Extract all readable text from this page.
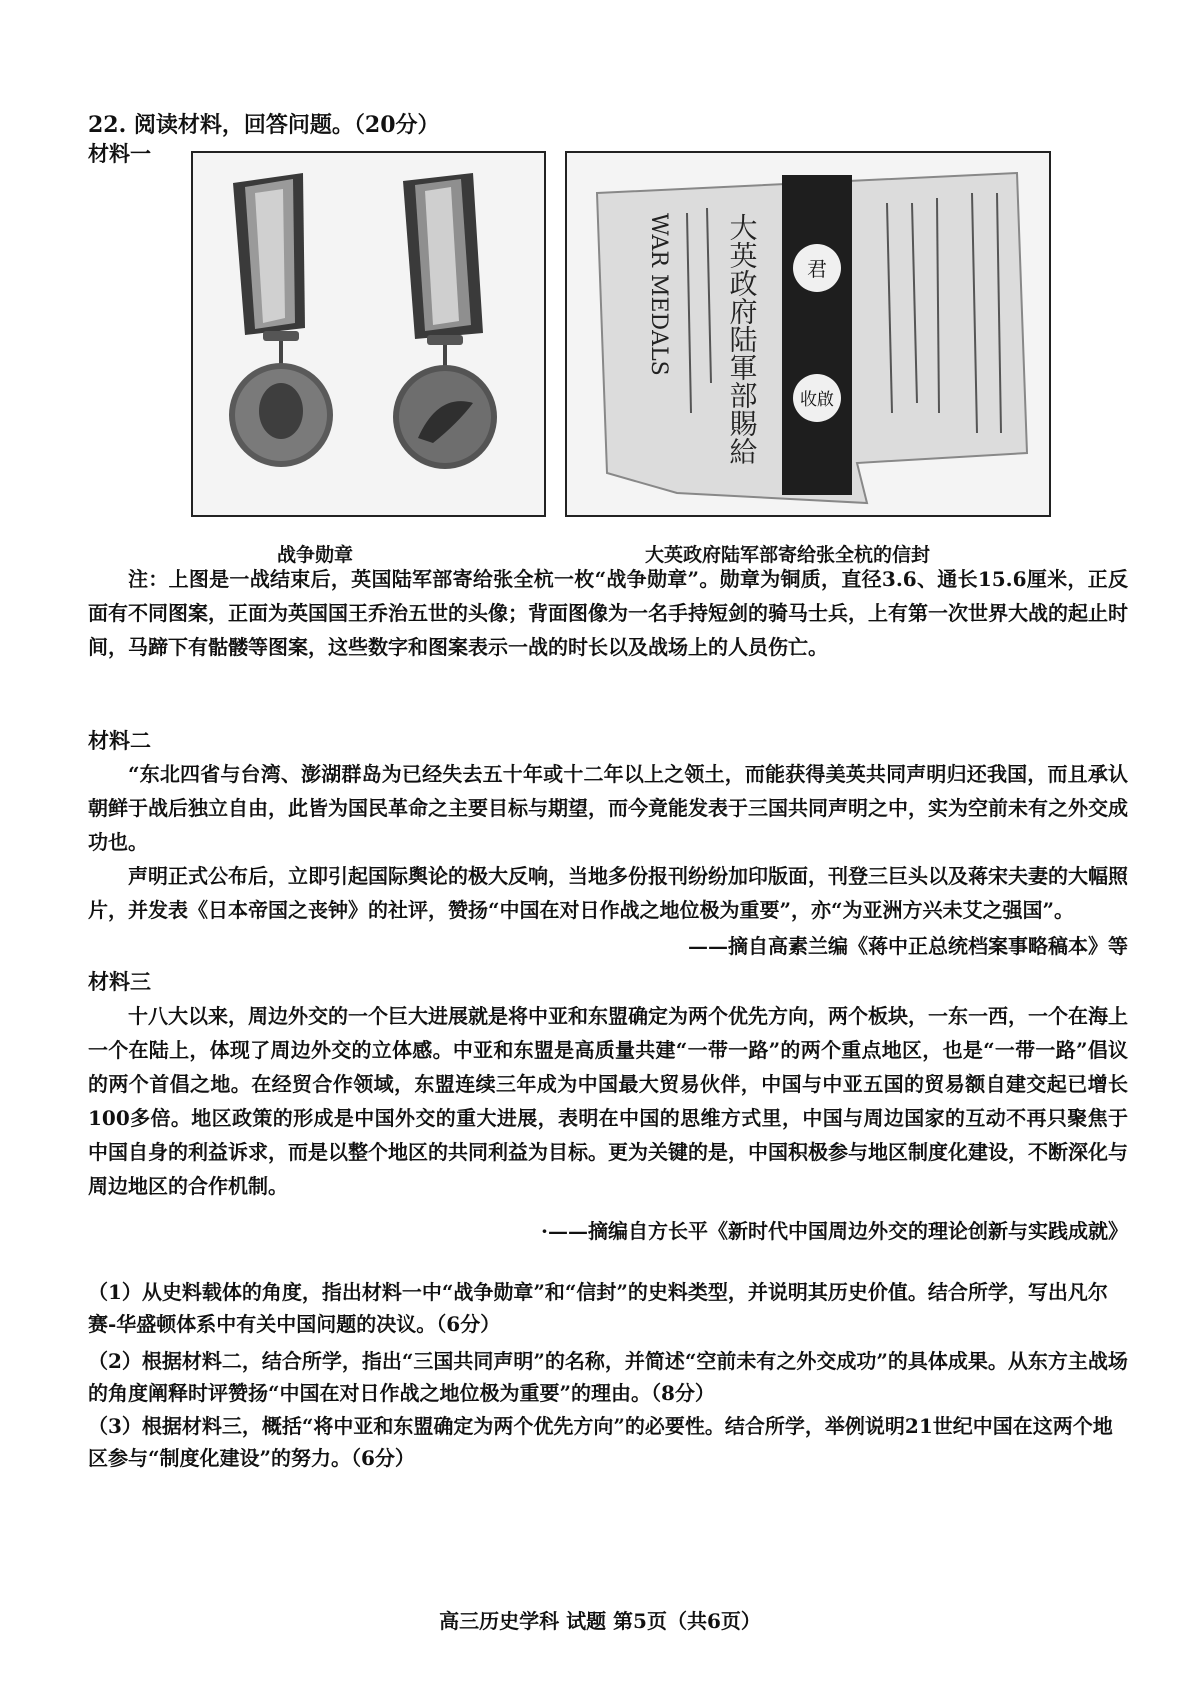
22. 阅读材料，回答问题。（20分）

材料一

君
收啟
WAR MEDALS 大英政府陆軍部賜給

战争勋章	大英政府陆军部寄给张全杭的信封

注：上图是一战结束后，英国陆军部寄给张全杭一枚“战争勋章”。勋章为铜质，直径3.6、通长15.6厘米，正反面有不同图案，正面为英国国王乔治五世的头像；背面图像为一名手持短剑的骑马士兵，上有第一次世界大战的起止时间，马蹄下有骷髅等图案，这些数字和图案表示一战的时长以及战场上的人员伤亡。

材料二

“东北四省与台湾、澎湖群岛为已经失去五十年或十二年以上之领土，而能获得美英共同声明归还我国，而且承认朝鲜于战后独立自由，此皆为国民革命之主要目标与期望，而今竟能发表于三国共同声明之中，实为空前未有之外交成功也。

声明正式公布后，立即引起国际舆论的极大反响，当地多份报刊纷纷加印版面，刊登三巨头以及蒋宋夫妻的大幅照片，并发表《日本帝国之丧钟》的社评，赞扬“中国在对日作战之地位极为重要”，亦“为亚洲方兴未艾之强国”。

——摘自高素兰编《蒋中正总统档案事略稿本》等

材料三

十八大以来，周边外交的一个巨大进展就是将中亚和东盟确定为两个优先方向，两个板块，一东一西，一个在海上一个在陆上，体现了周边外交的立体感。中亚和东盟是高质量共建“一带一路”的两个重点地区，也是“一带一路”倡议的两个首倡之地。在经贸合作领域，东盟连续三年成为中国最大贸易伙伴，中国与中亚五国的贸易额自建交起已增长100多倍。地区政策的形成是中国外交的重大进展，表明在中国的思维方式里，中国与周边国家的互动不再只聚焦于中国自身的利益诉求，而是以整个地区的共同利益为目标。更为关键的是，中国积极参与地区制度化建设，不断深化与周边地区的合作机制。

·——摘编自方长平《新时代中国周边外交的理论创新与实践成就》

（1）从史料载体的角度，指出材料一中“战争勋章”和“信封”的史料类型，并说明其历史价值。结合所学，写出凡尔赛-华盛顿体系中有关中国问题的决议。（6分）

（2）根据材料二，结合所学，指出“三国共同声明”的名称，并简述“空前未有之外交成功”的具体成果。从东方主战场的角度阐释时评赞扬“中国在对日作战之地位极为重要”的理由。（8分）

（3）根据材料三，概括“将中亚和东盟确定为两个优先方向”的必要性。结合所学，举例说明21世纪中国在这两个地区参与“制度化建设”的努力。（6分）

高三历史学科 试题 第5页（共6页）
